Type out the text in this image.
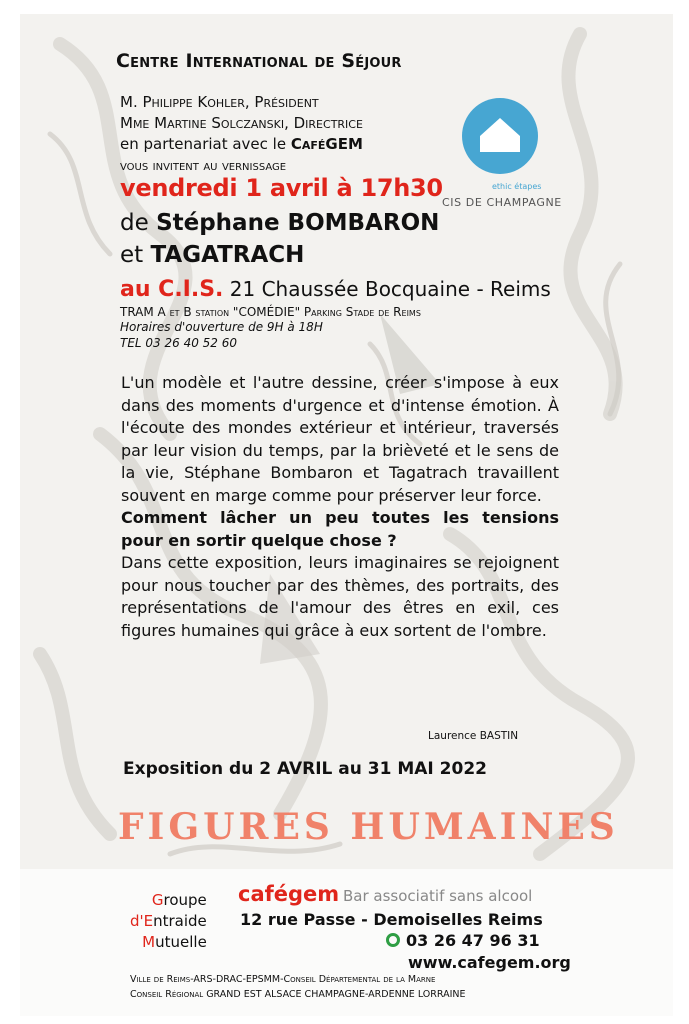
Centre International de Séjour
M. Philippe Kohler, Président
Mme Martine Solczanski, Directrice
en partenariat avec le CaféGEM
vous invitent au vernissage
vendredi 1 avril à 17h30
de Stéphane BOMBARON
et TAGATRACH
au C.I.S. 21 Chaussée Bocquaine - Reims
TRAM A et B station "COMÉDIE" Parking Stade de Reims
Horaires d'ouverture de 9H à 18H
TEL 03 26 40 52 60
ethic étapes
CIS DE CHAMPAGNE

L'un modèle et l'autre dessine, créer s'impose à eux dans des moments d'urgence et d'intense émotion. À l'écoute des mondes extérieur et intérieur, traversés par leur vision du temps, par la brièveté et le sens de la vie, Stéphane Bombaron et Tagatrach travaillent souvent en marge comme pour préserver leur force.

Comment lâcher un peu toutes les tensions pour en sortir quelque chose ?

Dans cette exposition, leurs imaginaires se rejoignent pour nous toucher par des thèmes, des portraits, des représentations de l'amour des êtres en exil, ces figures humaines qui grâce à eux sortent de l'ombre.

Laurence BASTIN
Exposition du 2 AVRIL au 31 MAI 2022
FIGURES HUMAINES
Groupe
d'Entraide
Mutuelle
cafégem Bar associatif sans alcool
12 rue Passe - Demoiselles Reims
03 26 47 96 31
www.cafegem.org
Ville de Reims-ARS-DRAC-EPSMM-Conseil Départemental de la Marne
Conseil Régional GRAND EST ALSACE CHAMPAGNE-ARDENNE LORRAINE
